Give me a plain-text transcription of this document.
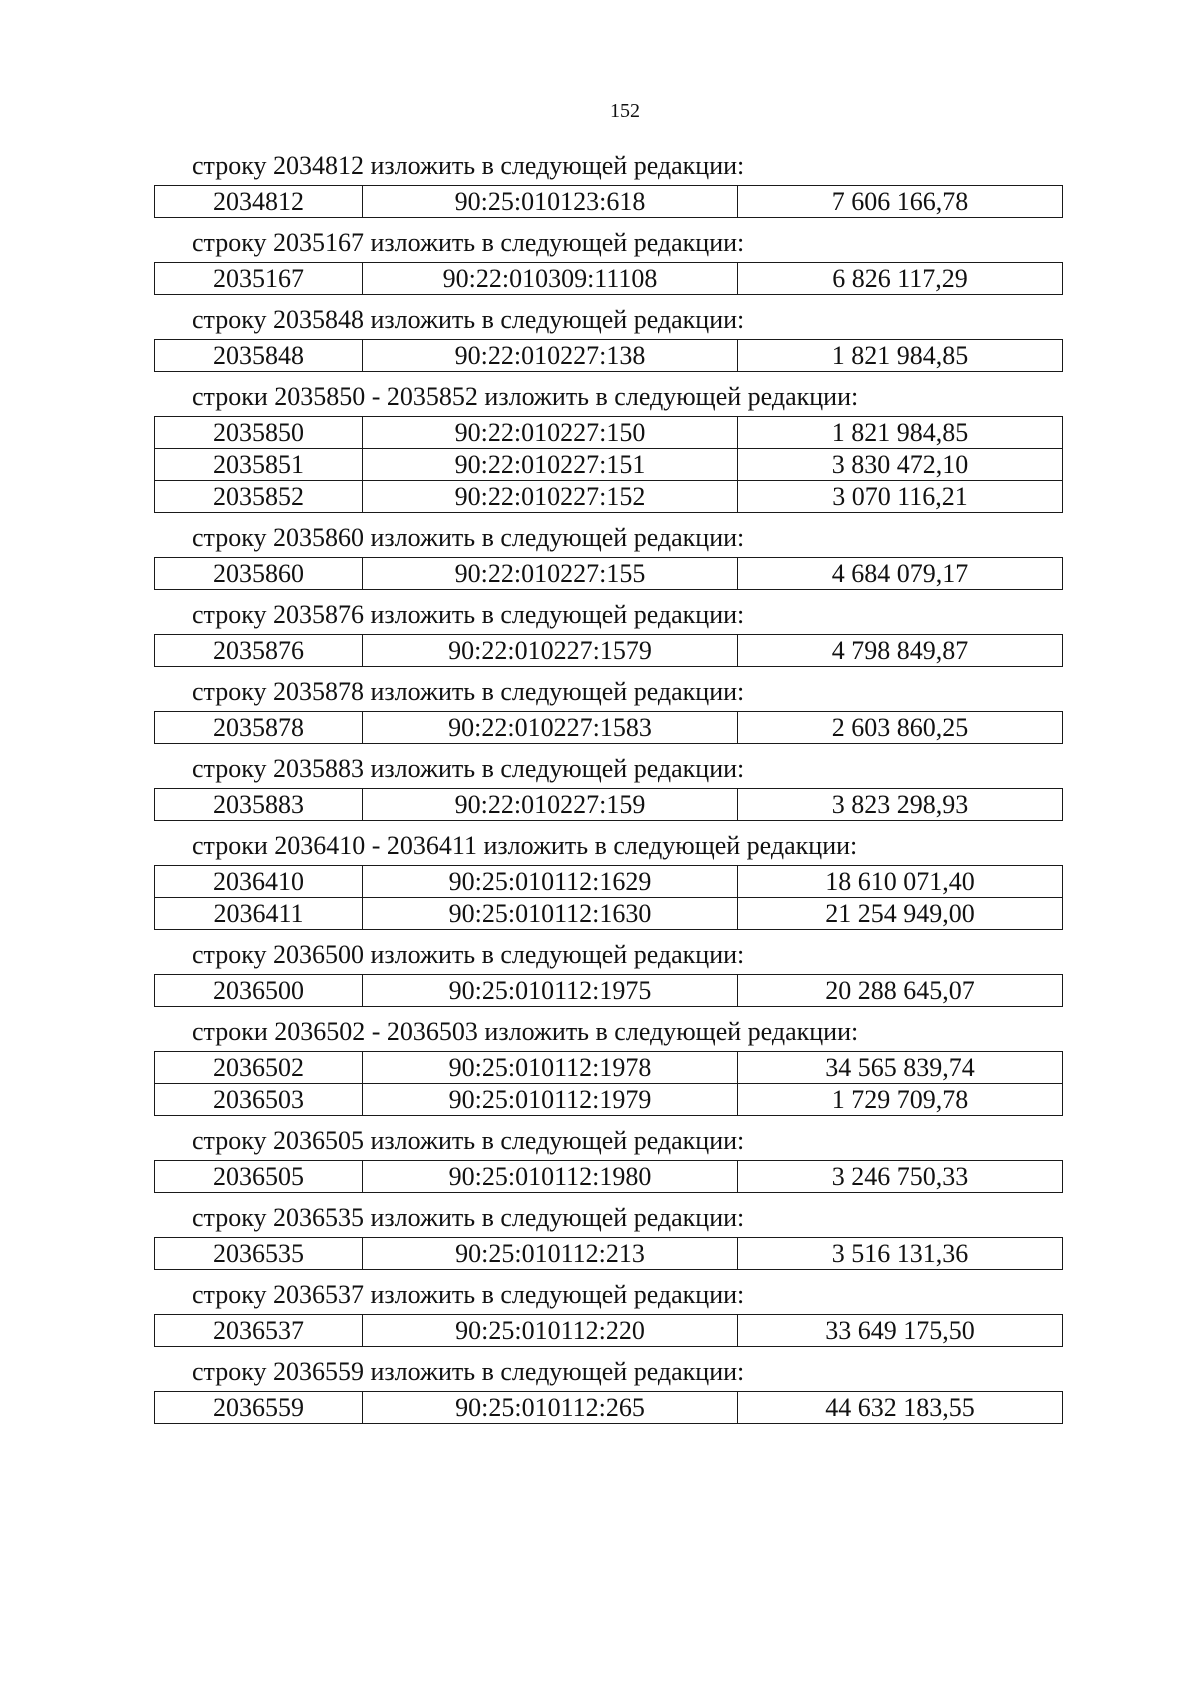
152
строку 2034812 изложить в следующей редакции:
2034812	90:25:010123:618	7 606 166,78
строку 2035167 изложить в следующей редакции:
2035167	90:22:010309:11108	6 826 117,29
строку 2035848 изложить в следующей редакции:
2035848	90:22:010227:138	1 821 984,85
строки 2035850 - 2035852 изложить в следующей редакции:
2035850	90:22:010227:150	1 821 984,85
2035851	90:22:010227:151	3 830 472,10
2035852	90:22:010227:152	3 070 116,21
строку 2035860 изложить в следующей редакции:
2035860	90:22:010227:155	4 684 079,17
строку 2035876 изложить в следующей редакции:
2035876	90:22:010227:1579	4 798 849,87
строку 2035878 изложить в следующей редакции:
2035878	90:22:010227:1583	2 603 860,25
строку 2035883 изложить в следующей редакции:
2035883	90:22:010227:159	3 823 298,93
строки 2036410 - 2036411 изложить в следующей редакции:
2036410	90:25:010112:1629	18 610 071,40
2036411	90:25:010112:1630	21 254 949,00
строку 2036500 изложить в следующей редакции:
2036500	90:25:010112:1975	20 288 645,07
строки 2036502 - 2036503 изложить в следующей редакции:
2036502	90:25:010112:1978	34 565 839,74
2036503	90:25:010112:1979	1 729 709,78
строку 2036505 изложить в следующей редакции:
2036505	90:25:010112:1980	3 246 750,33
строку 2036535 изложить в следующей редакции:
2036535	90:25:010112:213	3 516 131,36
строку 2036537 изложить в следующей редакции:
2036537	90:25:010112:220	33 649 175,50
строку 2036559 изложить в следующей редакции:
2036559	90:25:010112:265	44 632 183,55
